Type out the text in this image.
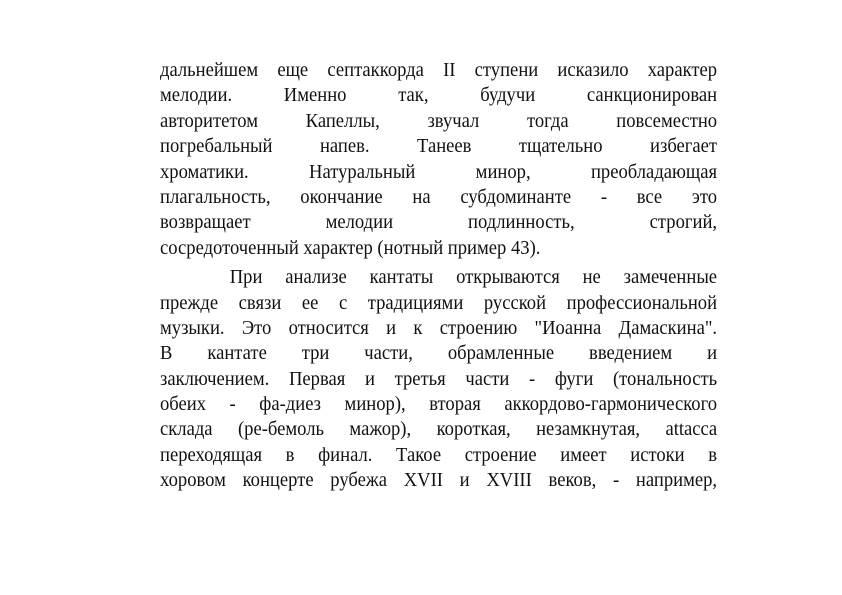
дальнейшем еще септаккорда II ступени исказило характер
мелодии. Именно так, будучи санкционирован
авторитетом Капеллы, звучал тогда повсеместно
погребальный напев. Танеев тщательно избегает
хроматики. Натуральный минор, преобладающая
плагальность, окончание на субдоминанте - все это
возвращает мелодии подлинность, строгий,
сосредоточенный характер (нотный пример 43).

При анализе кантаты открываются не замеченные
прежде связи ее с традициями русской профессиональной
музыки. Это относится и к строению "Иоанна Дамаскина".
В кантате три части, обрамленные введением и
заключением. Первая и третья части - фуги (тональность
обеих - фа-диез минор), вторая аккордово-гармонического
склада (ре-бемоль мажор), короткая, незамкнутая, attacca
переходящая в финал. Такое строение имеет истоки в
хоровом концерте рубежа XVII и XVIII веков, - например,
